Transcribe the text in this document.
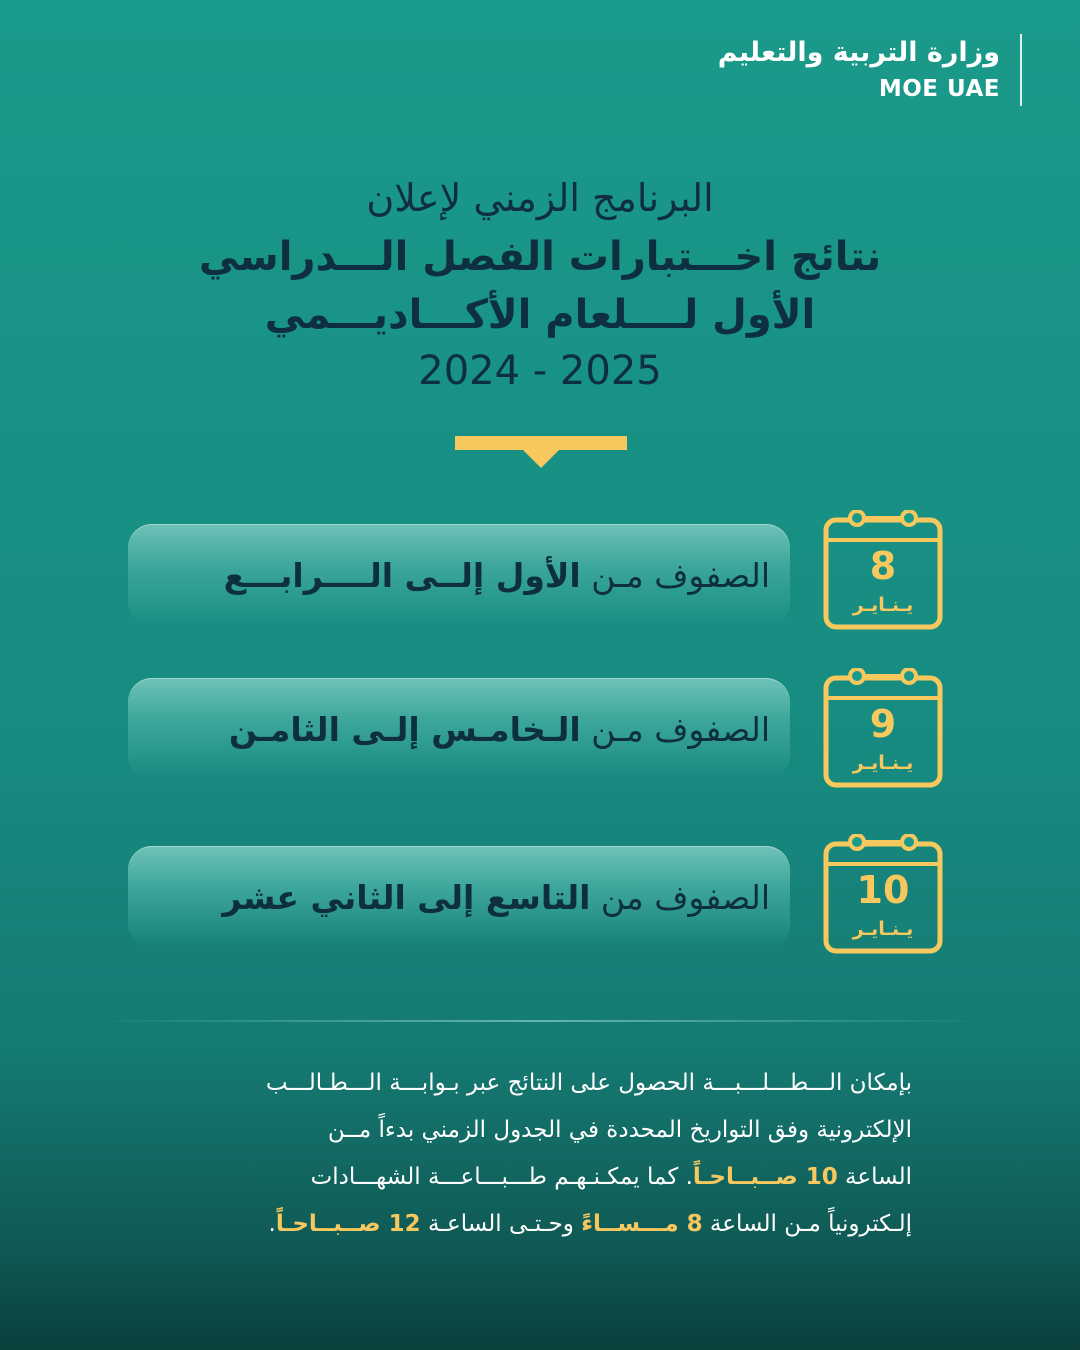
وزارة التربية والتعليم
MOE UAE
البرنامج الزمني لإعلان
نتائج اخـــتبارات الفصل الـــدراسي
الأول لــــلعام الأكـــاديـــمي
2024 - 2025
الصفوف مـن الأول إلــى الــــرابـــع	8
يـنـايـر
الصفوف مـن الـخامـس إلـى الثامـن	9
يـنـايـر
الصفوف من التاسع إلى الثاني عشر	10
يـنـايـر
بإمكان الـــطـــلـــبـــة الحصول على النتائج عبر بـوابـــة الـــطـالـــب
الإلكترونية وفق التواريخ المحددة في الجدول الزمني بدءاً مــن
الساعة 10 صــبــاحـاً. كما يمكـنـهـم طـــبـــاعـــة الشهـــادات
إلـكترونياً مـن الساعة 8 مـــســاءً وحـتـى الساعـة 12 صــبــاحـاً.
